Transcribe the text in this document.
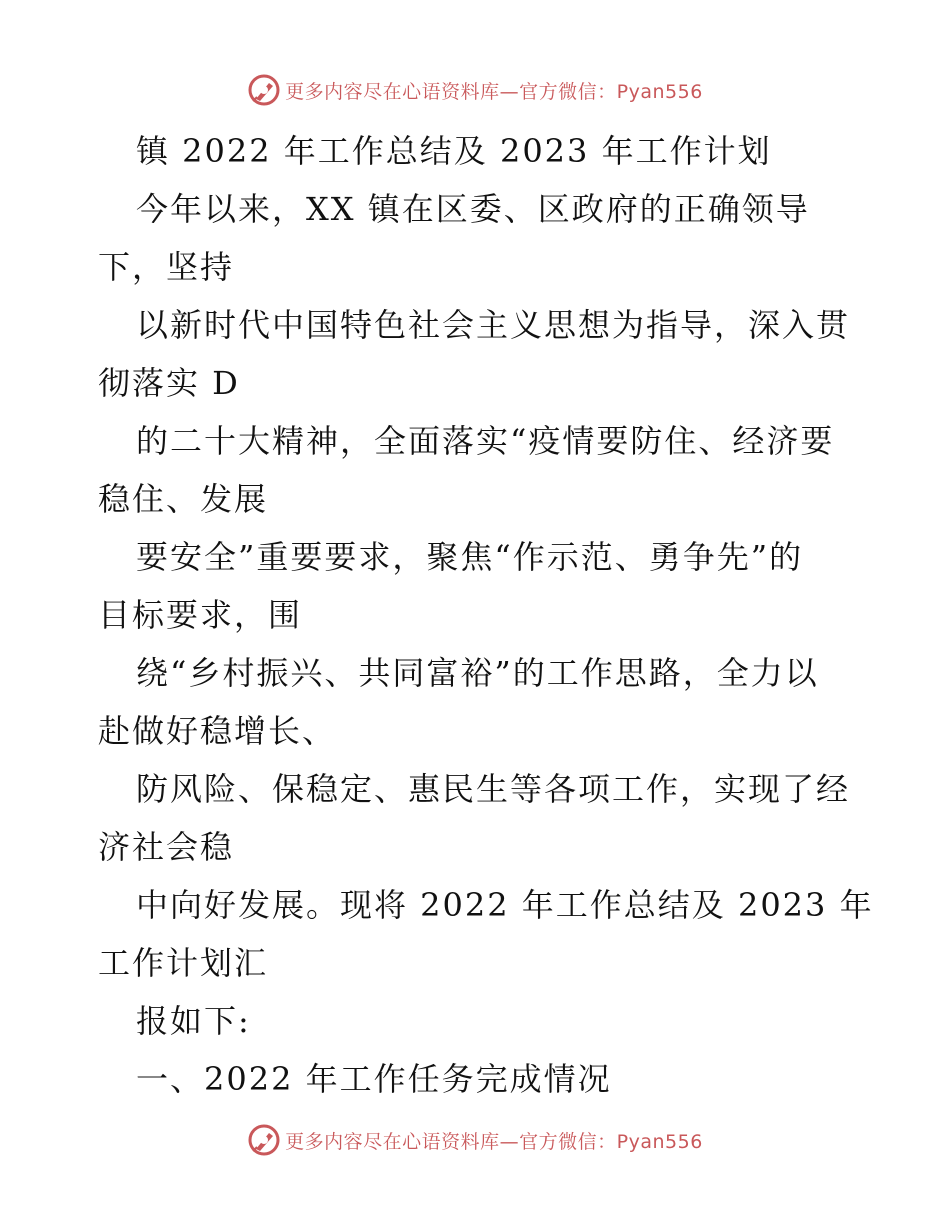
更多内容尽在心语资料库—官方微信：Pyan556
镇 2022 年工作总结及 2023 年工作计划
今年以来，XX 镇在区委、区政府的正确领导
下，坚持
以新时代中国特色社会主义思想为指导，深入贯
彻落实 D
的二十大精神，全面落实“疫情要防住、经济要
稳住、发展
要安全”重要要求，聚焦“作示范、勇争先”的
目标要求，围
绕“乡村振兴、共同富裕”的工作思路，全力以
赴做好稳增长、
防风险、保稳定、惠民生等各项工作，实现了经
济社会稳
中向好发展。现将 2022 年工作总结及 2023 年
工作计划汇
报如下:
一、2022 年工作任务完成情况
更多内容尽在心语资料库—官方微信：Pyan556
